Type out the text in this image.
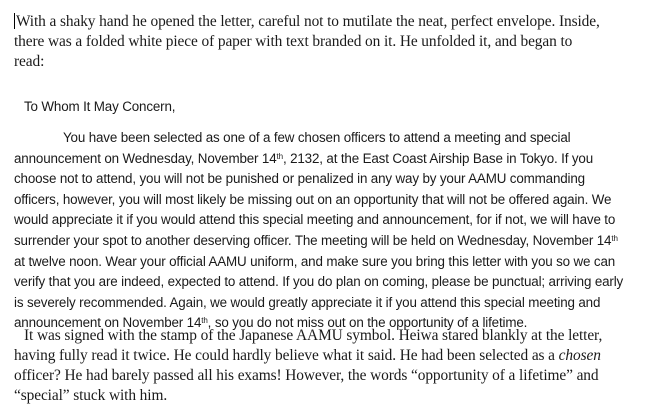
With a shaky hand he opened the letter, careful not to mutilate the neat, perfect envelope. Inside,
there was a folded white piece of paper with text branded on it. He unfolded it, and began to
read:
To Whom It May Concern,
You have been selected as one of a few chosen officers to attend a meeting and special
announcement on Wednesday, November 14th, 2132, at the East Coast Airship Base in Tokyo. If you
choose not to attend, you will not be punished or penalized in any way by your AAMU commanding
officers, however, you will most likely be missing out on an opportunity that will not be offered again. We
would appreciate it if you would attend this special meeting and announcement, for if not, we will have to
surrender your spot to another deserving officer. The meeting will be held on Wednesday, November 14th
at twelve noon. Wear your official AAMU uniform, and make sure you bring this letter with you so we can
verify that you are indeed, expected to attend. If you do plan on coming, please be punctual; arriving early
is severely recommended. Again, we would greatly appreciate it if you attend this special meeting and
announcement on November 14th, so you do not miss out on the opportunity of a lifetime.
It was signed with the stamp of the Japanese AAMU symbol. Heiwa stared blankly at the letter,
having fully read it twice. He could hardly believe what it said. He had been selected as a chosen
officer? He had barely passed all his exams! However, the words “opportunity of a lifetime” and
“special” stuck with him.
